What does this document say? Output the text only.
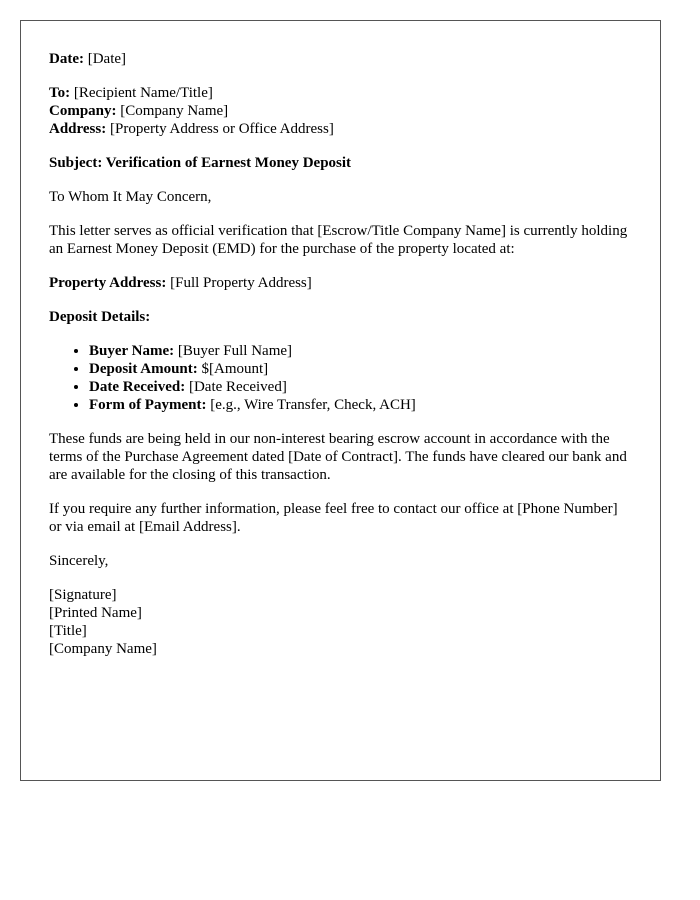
Date: [Date]

To: [Recipient Name/Title]
Company: [Company Name]
Address: [Property Address or Office Address]

Subject: Verification of Earnest Money Deposit

To Whom It May Concern,

This letter serves as official verification that [Escrow/Title Company Name] is currently holding an Earnest Money Deposit (EMD) for the purchase of the property located at:

Property Address: [Full Property Address]

Deposit Details:

• Buyer Name: [Buyer Full Name]
• Deposit Amount: $[Amount]
• Date Received: [Date Received]
• Form of Payment: [e.g., Wire Transfer, Check, ACH]

These funds are being held in our non-interest bearing escrow account in accordance with the terms of the Purchase Agreement dated [Date of Contract]. The funds have cleared our bank and are available for the closing of this transaction.

If you require any further information, please feel free to contact our office at [Phone Number] or via email at [Email Address].

Sincerely,

[Signature]
[Printed Name]
[Title]
[Company Name]
